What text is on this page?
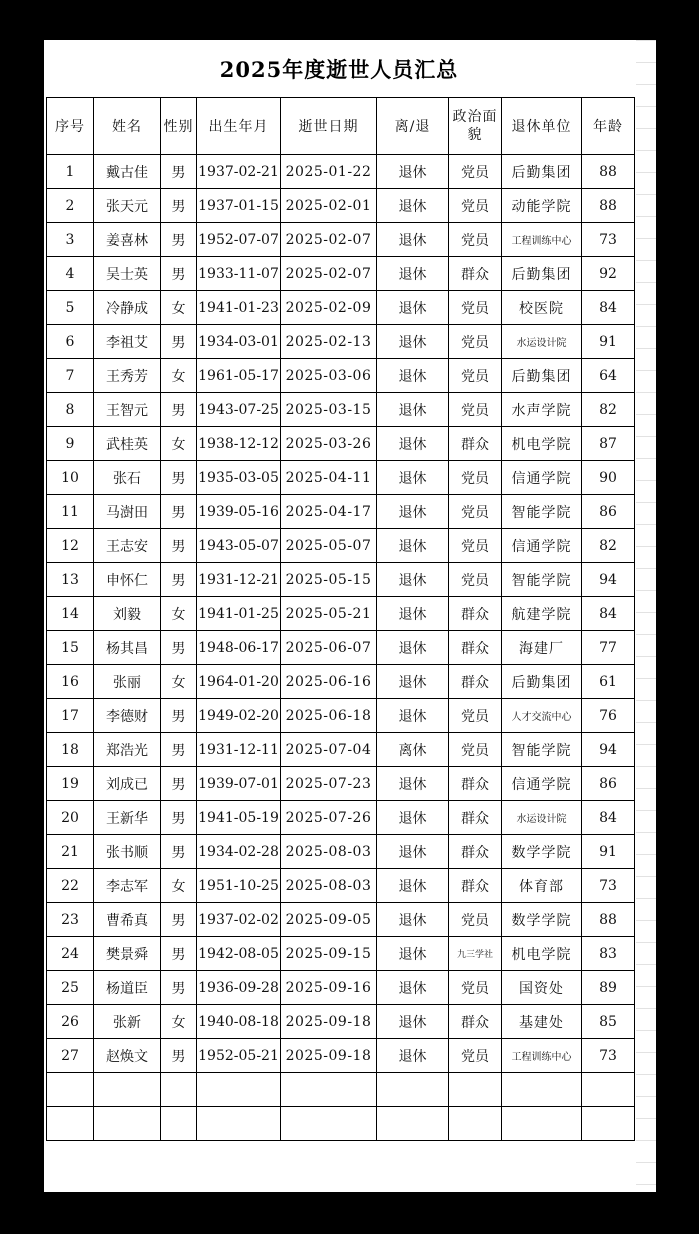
2025年度逝世人员汇总
序号	姓名	性别	出生年月	逝世日期	离/退	政治面貌	退休单位	年龄
1	戴古佳	男	1937-02-21	2025-01-22	退休	党员	后勤集团	88
2	张天元	男	1937-01-15	2025-02-01	退休	党员	动能学院	88
3	姜喜林	男	1952-07-07	2025-02-07	退休	党员	工程训练中心	73
4	吴士英	男	1933-11-07	2025-02-07	退休	群众	后勤集团	92
5	冷静成	女	1941-01-23	2025-02-09	退休	党员	校医院	84
6	李祖艾	男	1934-03-01	2025-02-13	退休	党员	水运设计院	91
7	王秀芳	女	1961-05-17	2025-03-06	退休	党员	后勤集团	64
8	王智元	男	1943-07-25	2025-03-15	退休	党员	水声学院	82
9	武桂英	女	1938-12-12	2025-03-26	退休	群众	机电学院	87
10	张石	男	1935-03-05	2025-04-11	退休	党员	信通学院	90
11	马澍田	男	1939-05-16	2025-04-17	退休	党员	智能学院	86
12	王志安	男	1943-05-07	2025-05-07	退休	党员	信通学院	82
13	申怀仁	男	1931-12-21	2025-05-15	退休	党员	智能学院	94
14	刘毅	女	1941-01-25	2025-05-21	退休	群众	航建学院	84
15	杨其昌	男	1948-06-17	2025-06-07	退休	群众	海建厂	77
16	张丽	女	1964-01-20	2025-06-16	退休	群众	后勤集团	61
17	李德财	男	1949-02-20	2025-06-18	退休	党员	人才交流中心	76
18	郑浩光	男	1931-12-11	2025-07-04	离休	党员	智能学院	94
19	刘成已	男	1939-07-01	2025-07-23	退休	群众	信通学院	86
20	王新华	男	1941-05-19	2025-07-26	退休	群众	水运设计院	84
21	张书顺	男	1934-02-28	2025-08-03	退休	群众	数学学院	91
22	李志军	女	1951-10-25	2025-08-03	退休	群众	体育部	73
23	曹希真	男	1937-02-02	2025-09-05	退休	党员	数学学院	88
24	樊景舜	男	1942-08-05	2025-09-15	退休	九三学社	机电学院	83
25	杨道臣	男	1936-09-28	2025-09-16	退休	党员	国资处	89
26	张新	女	1940-08-18	2025-09-18	退休	群众	基建处	85
27	赵焕文	男	1952-05-21	2025-09-18	退休	党员	工程训练中心	73
